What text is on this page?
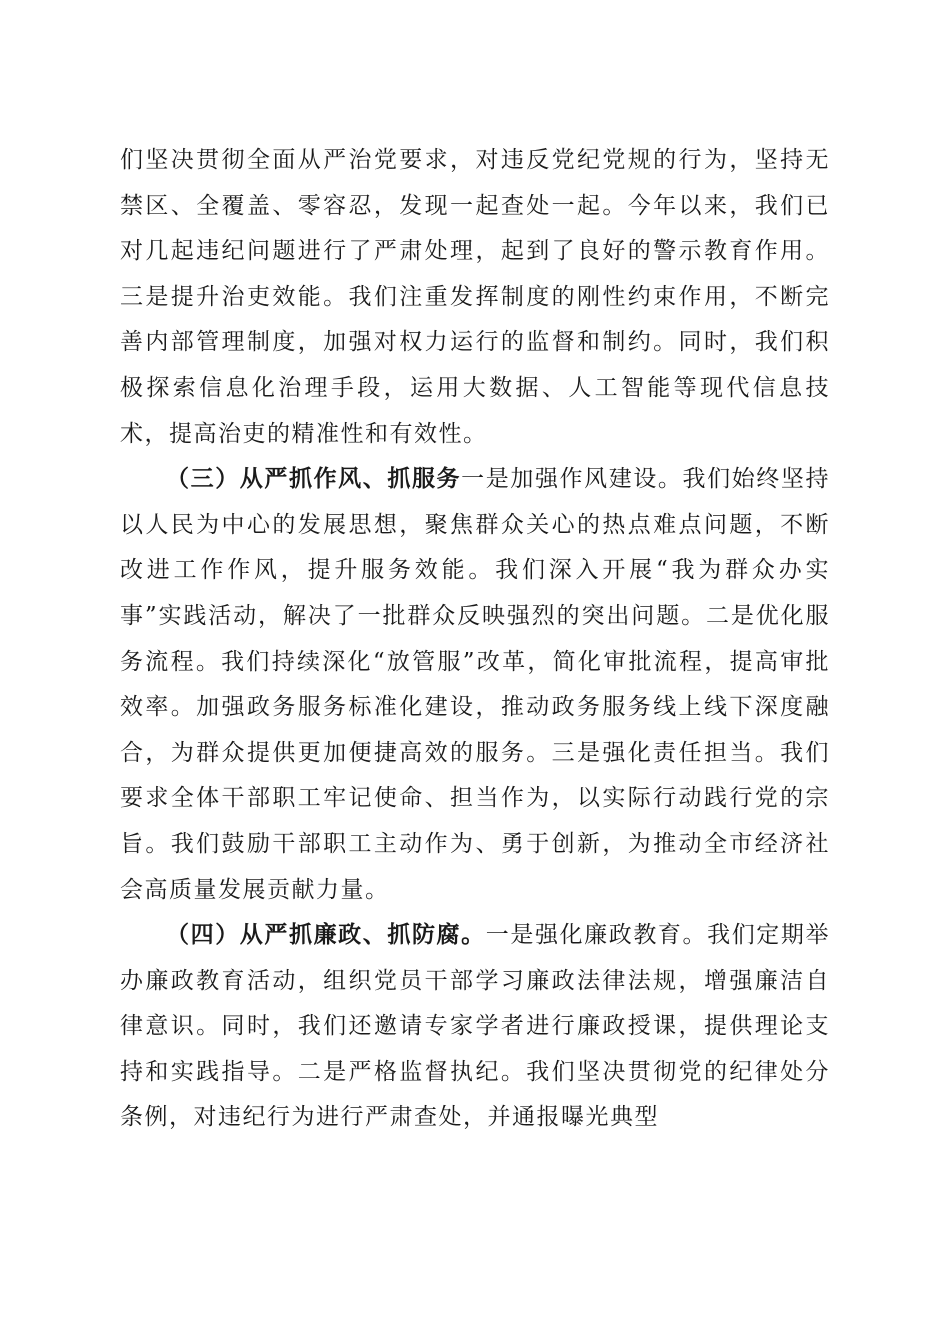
们坚决贯彻全面从严治党要求，对违反党纪党规的行为，坚持无禁区、全覆盖、零容忍，发现一起查处一起。今年以来，我们已对几起违纪问题进行了严肃处理，起到了良好的警示教育作用。三是提升治吏效能。我们注重发挥制度的刚性约束作用，不断完善内部管理制度，加强对权力运行的监督和制约。同时，我们积极探索信息化治理手段，运用大数据、人工智能等现代信息技术，提高治吏的精准性和有效性。

（三）从严抓作风、抓服务一是加强作风建设。我们始终坚持以人民为中心的发展思想，聚焦群众关心的热点难点问题，不断改进工作作风，提升服务效能。我们深入开展“我为群众办实事”实践活动，解决了一批群众反映强烈的突出问题。二是优化服务流程。我们持续深化“放管服”改革，简化审批流程，提高审批效率。加强政务服务标准化建设，推动政务服务线上线下深度融合，为群众提供更加便捷高效的服务。三是强化责任担当。我们要求全体干部职工牢记使命、担当作为，以实际行动践行党的宗旨。我们鼓励干部职工主动作为、勇于创新，为推动全市经济社会高质量发展贡献力量。

（四）从严抓廉政、抓防腐。一是强化廉政教育。我们定期举办廉政教育活动，组织党员干部学习廉政法律法规，增强廉洁自律意识。同时，我们还邀请专家学者进行廉政授课，提供理论支持和实践指导。二是严格监督执纪。我们坚决贯彻党的纪律处分条例，对违纪行为进行严肃查处，并通报曝光典型
